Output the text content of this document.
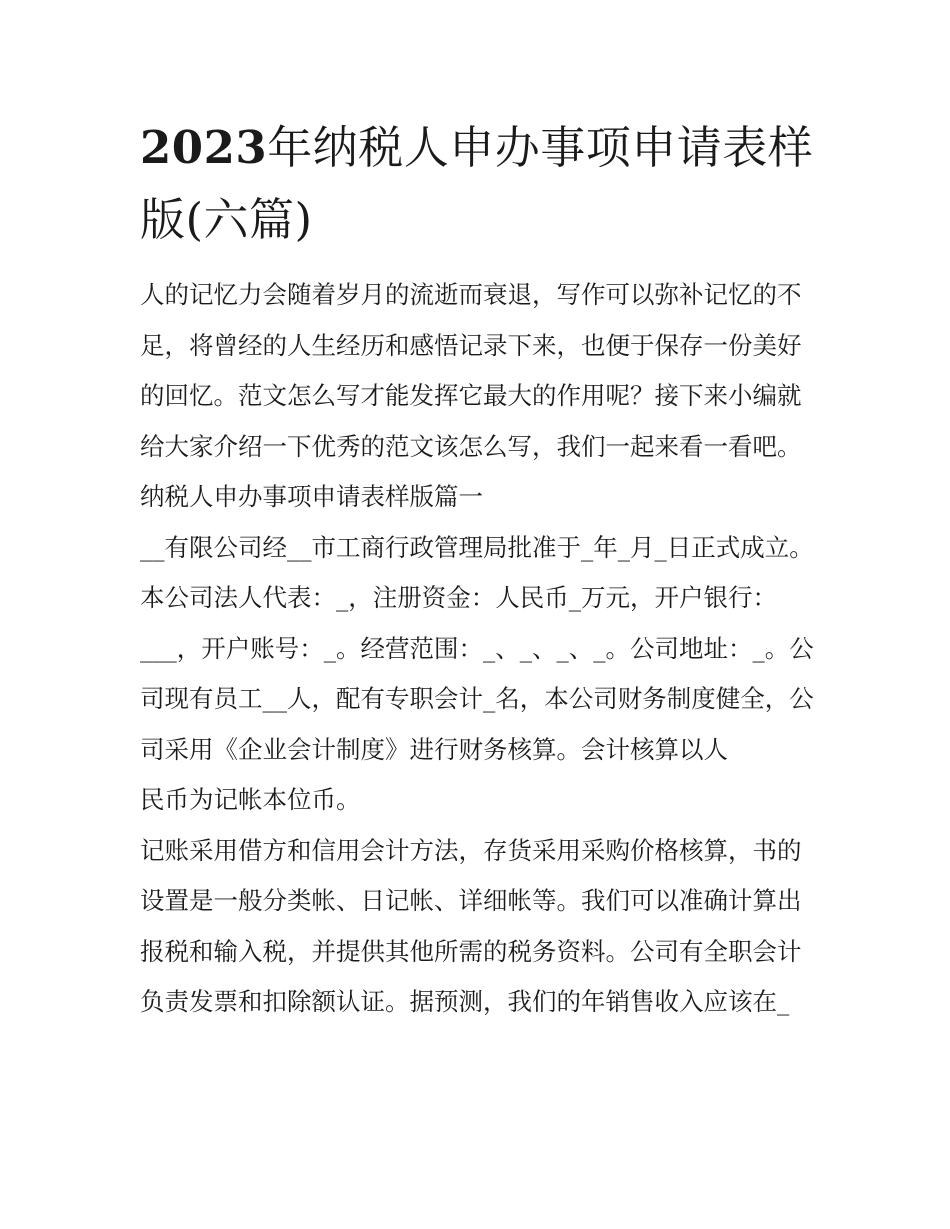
2023年纳税人申办事项申请表样版(六篇)

人的记忆力会随着岁月的流逝而衰退，写作可以弥补记忆的不足，将曾经的人生经历和感悟记录下来，也便于保存一份美好的回忆。范文怎么写才能发挥它最大的作用呢？接下来小编就给大家介绍一下优秀的范文该怎么写，我们一起来看一看吧。

纳税人申办事项申请表样版篇一

__有限公司经__市工商行政管理局批准于_年_月_日正式成立。本公司法人代表：_，注册资金：人民币_万元，开户银行：___，开户账号：_。经营范围：_、_、_、_。公司地址：_。公司现有员工__人，配有专职会计_名，本公司财务制度健全，公司采用《企业会计制度》进行财务核算。会计核算以人

民币为记帐本位币。

记账采用借方和信用会计方法，存货采用采购价格核算，书的设置是一般分类帐、日记帐、详细帐等。我们可以准确计算出报税和输入税，并提供其他所需的税务资料。公司有全职会计负责发票和扣除额认证。据预测，我们的年销售收入应该在_
